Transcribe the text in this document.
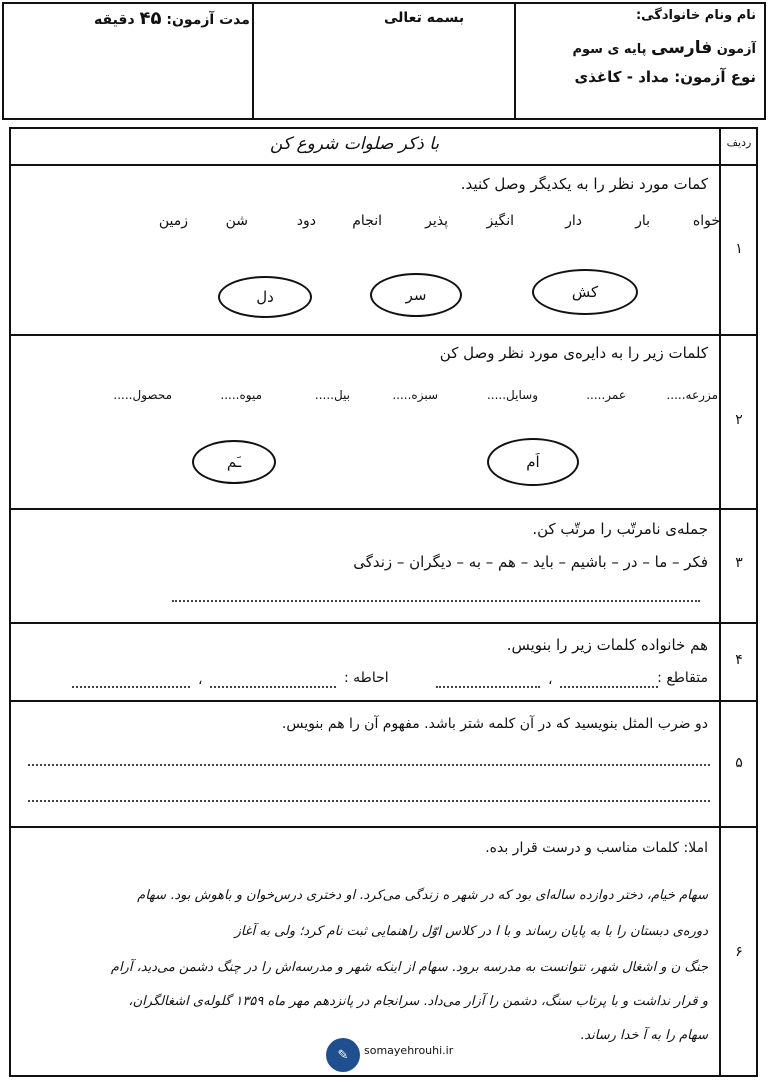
نام ونام خانوادگی:
آزمون فارسی پایه ی سوم
نوع آزمون: مداد - کاغذی
بسمه تعالی
مدت آزمون: ۴۵ دقیقه
ردیف
با ذکر صلوات شروع کن
۱
کمات مورد نظر را به یکدیگر وصل کنید.
خواه
بار
دار
انگیز
پذیر
انجام
دود
شن
زمین
کش
سر
دل
۲
کلمات زیر را به دایره‌ی مورد نظر وصل کن
مزرعه.....
عمر.....
وسایل.....
سبزه.....
بیل.....
میوه.....
محصول.....
اَم
ـَم
۳
جمله‌ی نامرتّب را مرتّب کن.
فکر – ما – در – باشیم – باید – هم – به – دیگران – زندگی
۴
هم خانواده کلمات زیر را بنویس.
متقاطع :
،
احاطه :
،
۵
دو ضرب المثل بنویسید که در آن کلمه شتر باشد. مفهوم آن را هم بنویس.
۶
املا: کلمات مناسب و درست قرار بده.
سهام خیام، دختر دوازده ساله‌ای بود که در شهر ه زندگی می‌کرد. او دختری درس‌خوان و باهوش بود. سهام
دوره‌ی دبستان را با به پایان رساند و با ا در کلاس اوّل راهنمایی ثبت نام کرد؛ ولی به آغاز
جنگ ن و اشغال شهر، نتوانست به مدرسه برود. سهام از اینکه شهر و مدرسه‌اش را در چنگ دشمن می‌دید، آرام
و قرار نداشت و با پرتاب سنگ، دشمن را آزار می‌داد. سرانجام در پانزدهم مهر ماه ۱۳۵۹ گلوله‌ی اشغالگران،
سهام را به آ خدا رساند.
✎ somayehrouhi.ir
